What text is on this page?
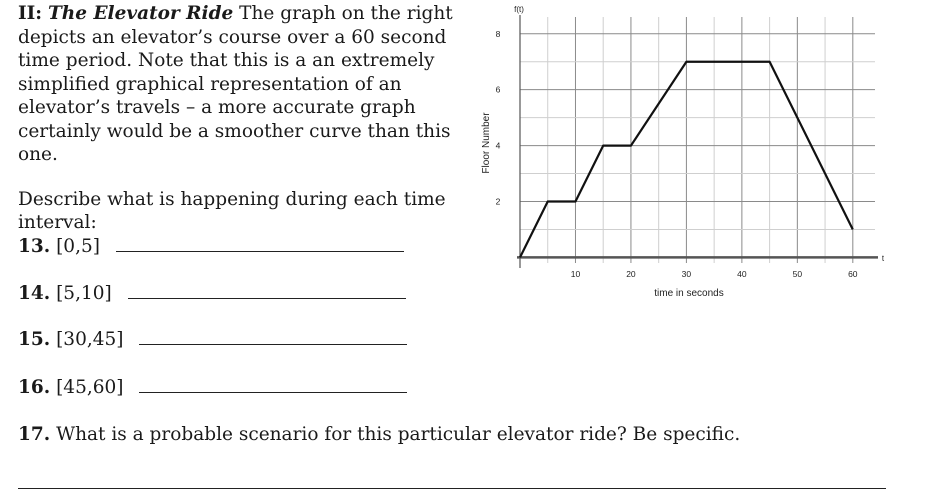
II: The Elevator Ride The graph on the right depicts an elevator’s course over a 60 second time period. Note that this is a an extremely simplified graphical representation of an elevator’s travels – a more accurate graph certainly would be a smoother curve than this one.
Describe what is happening during each time interval:
13. [0,5]
14. [5,10]
15. [30,45]
16. [45,60]
17. What is a probable scenario for this particular elevator ride? Be specific.
10	20	30	40	50	60
2
4
6
8
time in seconds
Floor Number
f(t)
t
